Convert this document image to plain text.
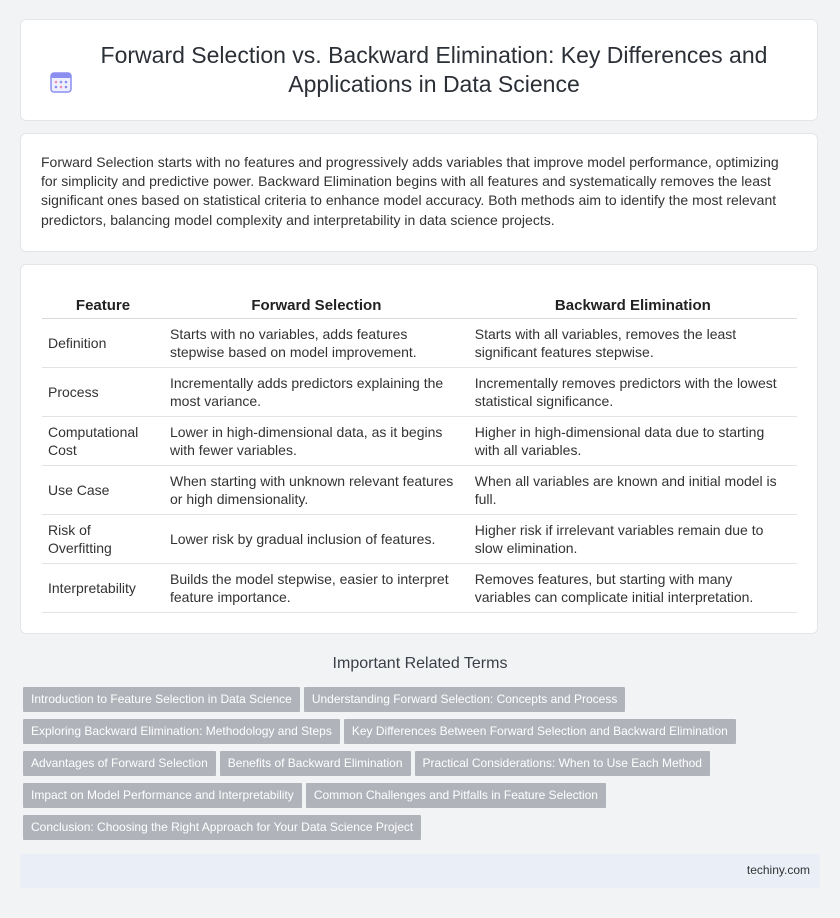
Forward Selection vs. Backward Elimination: Key Differences and Applications in Data Science

Forward Selection starts with no features and progressively adds variables that improve model performance, optimizing for simplicity and predictive power. Backward Elimination begins with all features and systematically removes the least significant ones based on statistical criteria to enhance model accuracy. Both methods aim to identify the most relevant predictors, balancing model complexity and interpretability in data science projects.

Feature	Forward Selection	Backward Elimination
Definition	Starts with no variables, adds features stepwise based on model improvement.	Starts with all variables, removes the least significant features stepwise.
Process	Incrementally adds predictors explaining the most variance.	Incrementally removes predictors with the lowest statistical significance.
Computational Cost	Lower in high-dimensional data, as it begins with fewer variables.	Higher in high-dimensional data due to starting with all variables.
Use Case	When starting with unknown relevant features or high dimensionality.	When all variables are known and initial model is full.
Risk of Overfitting	Lower risk by gradual inclusion of features.	Higher risk if irrelevant variables remain due to slow elimination.
Interpretability	Builds the model stepwise, easier to interpret feature importance.	Removes features, but starting with many variables can complicate initial interpretation.
Important Related Terms
Introduction to Feature Selection in Data Science Understanding Forward Selection: Concepts and Process
Exploring Backward Elimination: Methodology and Steps Key Differences Between Forward Selection and Backward Elimination
Advantages of Forward Selection Benefits of Backward Elimination Practical Considerations: When to Use Each Method
Impact on Model Performance and Interpretability Common Challenges and Pitfalls in Feature Selection
Conclusion: Choosing the Right Approach for Your Data Science Project
techiny.com
